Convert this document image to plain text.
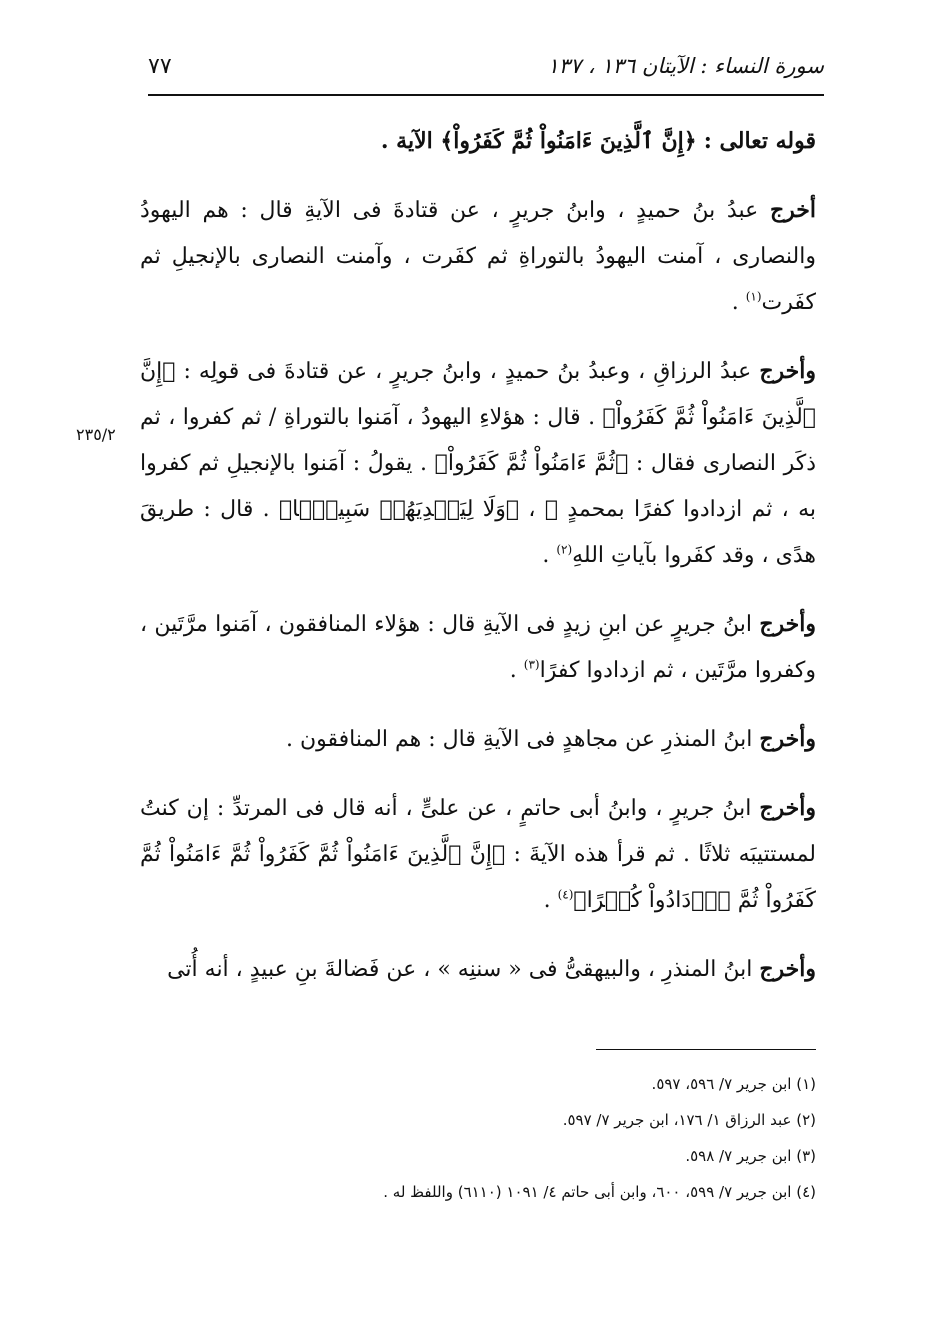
٧٧	سورة النساء : الآيتان ١٣٦ ، ١٣٧
٢٣٥/٢

قوله تعالى : ﴿إِنَّ ٱلَّذِينَ ءَامَنُواْ ثُمَّ كَفَرُواْ﴾ الآية .

أخرج عبدُ بنُ حميدٍ ، وابنُ جريرٍ ، عن قتادةَ فى الآيةِ قال : هم اليهودُ والنصارى ، آمنت اليهودُ بالتوراةِ ثم كفَرت ، وآمنت النصارى بالإنجيلِ ثم كفَرت$^{(١)}$ .

وأخرج عبدُ الرزاقِ ، وعبدُ بنُ حميدٍ ، وابنُ جريرٍ ، عن قتادةَ فى قولِه : ﴿إِنَّ ٱلَّذِينَ ءَامَنُواْ ثُمَّ كَفَرُواْ﴾ . قال : هؤلاءِ اليهودُ ، آمَنوا بالتوراةِ / ثم كفروا ، ثم ذكَر النصارى فقال : ﴿ثُمَّ ءَامَنُواْ ثُمَّ كَفَرُواْ﴾ . يقولُ : آمَنوا بالإنجيلِ ثم كفروا به ، ثم ازدادوا كفرًا بمحمدٍ ﷺ ، ﴿وَلَا لِيَهۡدِيَهُمۡ سَبِيلَۢا﴾ . قال : طريقَ هدًى ، وقد كفَروا بآياتِ اللهِ$^{(٢)}$ .

وأخرج ابنُ جريرٍ عن ابنِ زيدٍ فى الآيةِ قال : هؤلاء المنافقون ، آمَنوا مرَّتَين ، وكفروا مرَّتَين ، ثم ازدادوا كفرًا$^{(٣)}$ .

وأخرج ابنُ المنذرِ عن مجاهدٍ فى الآيةِ قال : هم المنافقون .

وأخرج ابنُ جريرٍ ، وابنُ أبى حاتمٍ ، عن علىٍّ ، أنه قال فى المرتدِّ : إن كنتُ لمستتيبَه ثلاثًا . ثم قرأ هذه الآيةَ : ﴿إِنَّ ٱلَّذِينَ ءَامَنُواْ ثُمَّ كَفَرُواْ ثُمَّ ءَامَنُواْ ثُمَّ كَفَرُواْ ثُمَّ ٱزۡدَادُواْ كُفۡرًا﴾$^{(٤)}$ .

وأخرج ابنُ المنذرِ ، والبيهقىُّ فى « سننِه » ، عن فَضالةَ بنِ عبيدٍ ، أنه أُتى

(١) ابن جرير ٧/ ٥٩٦، ٥٩٧.

(٢) عبد الرزاق ١/ ١٧٦، ابن جرير ٧/ ٥٩٧.

(٣) ابن جرير ٧/ ٥٩٨.

(٤) ابن جرير ٧/ ٥٩٩، ٦٠٠، وابن أبى حاتم ٤/ ١٠٩١ (٦١١٠) واللفظ له .
